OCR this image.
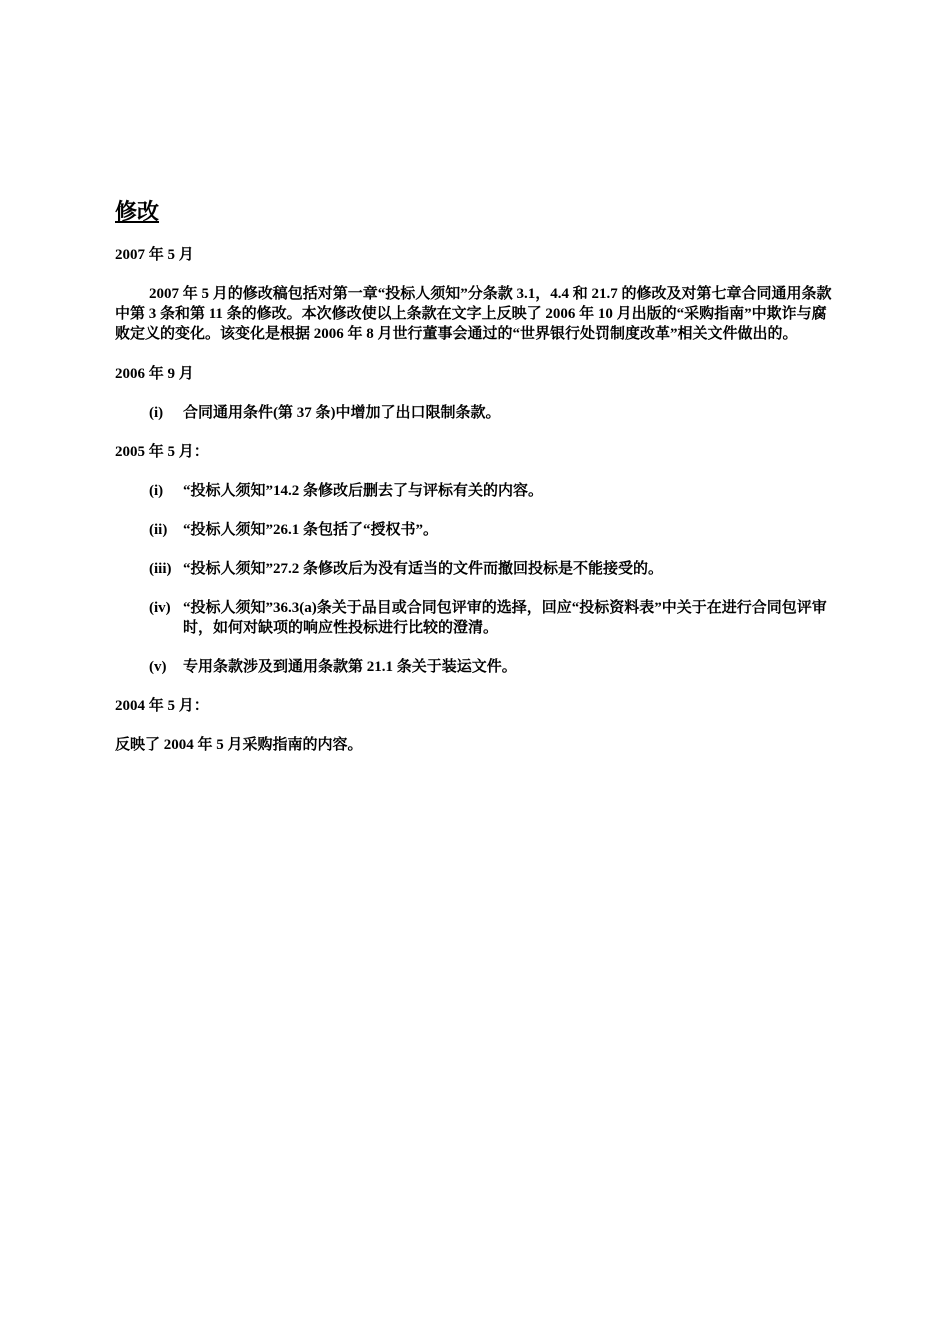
修改
2007 年 5 月

2007 年 5 月的修改稿包括对第一章“投标人须知”分条款 3.1，4.4 和 21.7 的修改及对第七章合同通用条款中第 3 条和第 11 条的修改。本次修改使以上条款在文字上反映了 2006 年 10 月出版的“采购指南”中欺诈与腐败定义的变化。该变化是根据 2006 年 8 月世行董事会通过的“世界银行处罚制度改革”相关文件做出的。

2006 年 9 月
(i) 合同通用条件(第 37 条)中增加了出口限制条款。
2005 年 5 月：
(i) “投标人须知”14.2 条修改后删去了与评标有关的内容。
(ii) “投标人须知”26.1 条包括了“授权书”。
(iii) “投标人须知”27.2 条修改后为没有适当的文件而撤回投标是不能接受的。
(iv) “投标人须知”36.3(a)条关于品目或合同包评审的选择，回应“投标资料表”中关于在进行合同包评审时，如何对缺项的响应性投标进行比较的澄清。
(v) 专用条款涉及到通用条款第 21.1 条关于装运文件。
2004 年 5 月：

反映了 2004 年 5 月采购指南的内容。
